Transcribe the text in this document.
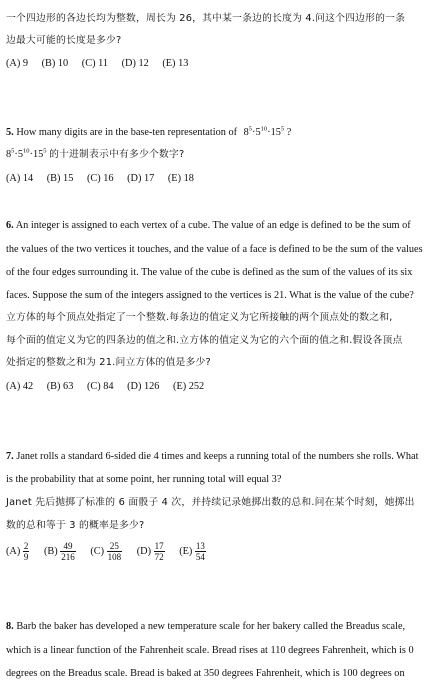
一个四边形的各边长均为整数，周长为 26，其中某一条边的长度为 4.问这个四边形的一条
边最大可能的长度是多少?
(A) 9 (B) 10 (C) 11 (D) 12 (E) 13
5. How many digits are in the base-ten representation of $8^5\cdot 5^{10}\cdot 15^5$ ?
$8^5\cdot 5^{10}\cdot 15^5$ 的十进制表示中有多少个数字?
(A) 14 (B) 15 (C) 16 (D) 17 (E) 18
6. An integer is assigned to each vertex of a cube. The value of an edge is defined to be the sum of
the values of the two vertices it touches, and the value of a face is defined to be the sum of the values
of the four edges surrounding it. The value of the cube is defined as the sum of the values of its six
faces. Suppose the sum of the integers assigned to the vertices is 21. What is the value of the cube?
立方体的每个顶点处指定了一个整数.每条边的值定义为它所接触的两个顶点处的数之和,
每个面的值定义为它的四条边的值之和.立方体的值定义为它的六个面的值之和.假设各顶点
处指定的整数之和为 21.问立方体的值是多少?
(A) 42 (B) 63 (C) 84 (D) 126 (E) 252
7. Janet rolls a standard 6-sided die 4 times and keeps a running total of the numbers she rolls. What
is the probability that at some point, her running total will equal 3?
Janet 先后抛掷了标准的 6 面骰子 4 次，并持续记录她掷出数的总和.问在某个时刻，她掷出
数的总和等于 3 的概率是多少?
$(A) \frac{2}{9} (B) \frac{49}{216} (C) \frac{25}{108} (D) \frac{17}{72} (E) \frac{13}{54}$
8. Barb the baker has developed a new temperature scale for her bakery called the Breadus scale,
which is a linear function of the Fahrenheit scale. Bread rises at 110 degrees Fahrenheit, which is 0
degrees on the Breadus scale. Bread is baked at 350 degrees Fahrenheit, which is 100 degrees on
